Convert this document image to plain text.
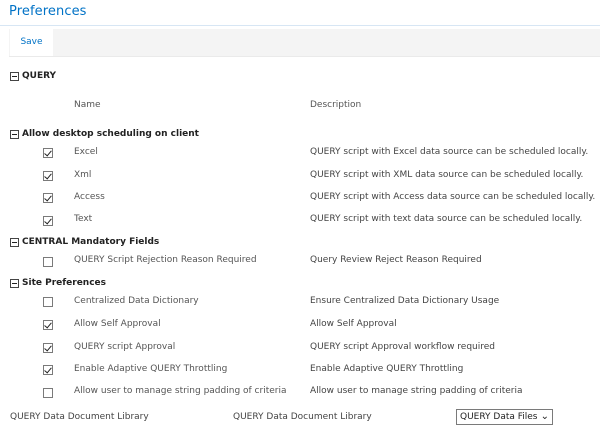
Preferences
Save
QUERY
Name	Description
Allow desktop scheduling on client
Excel	QUERY script with Excel data source can be scheduled locally.
Xml	QUERY script with XML data source can be scheduled locally.
Access	QUERY script with Access data source can be scheduled locally.
Text	QUERY script with text data source can be scheduled locally.
CENTRAL Mandatory Fields
QUERY Script Rejection Reason Required	Query Review Reject Reason Required
Site Preferences
Centralized Data Dictionary	Ensure Centralized Data Dictionary Usage
Allow Self Approval	Allow Self Approval
QUERY script Approval	QUERY script Approval workflow required
Enable Adaptive QUERY Throttling	Enable Adaptive QUERY Throttling
Allow user to manage string padding of criteria	Allow user to manage string padding of criteria
QUERY Data Document Library	QUERY Data Document Library	QUERY Data Files ⌄
